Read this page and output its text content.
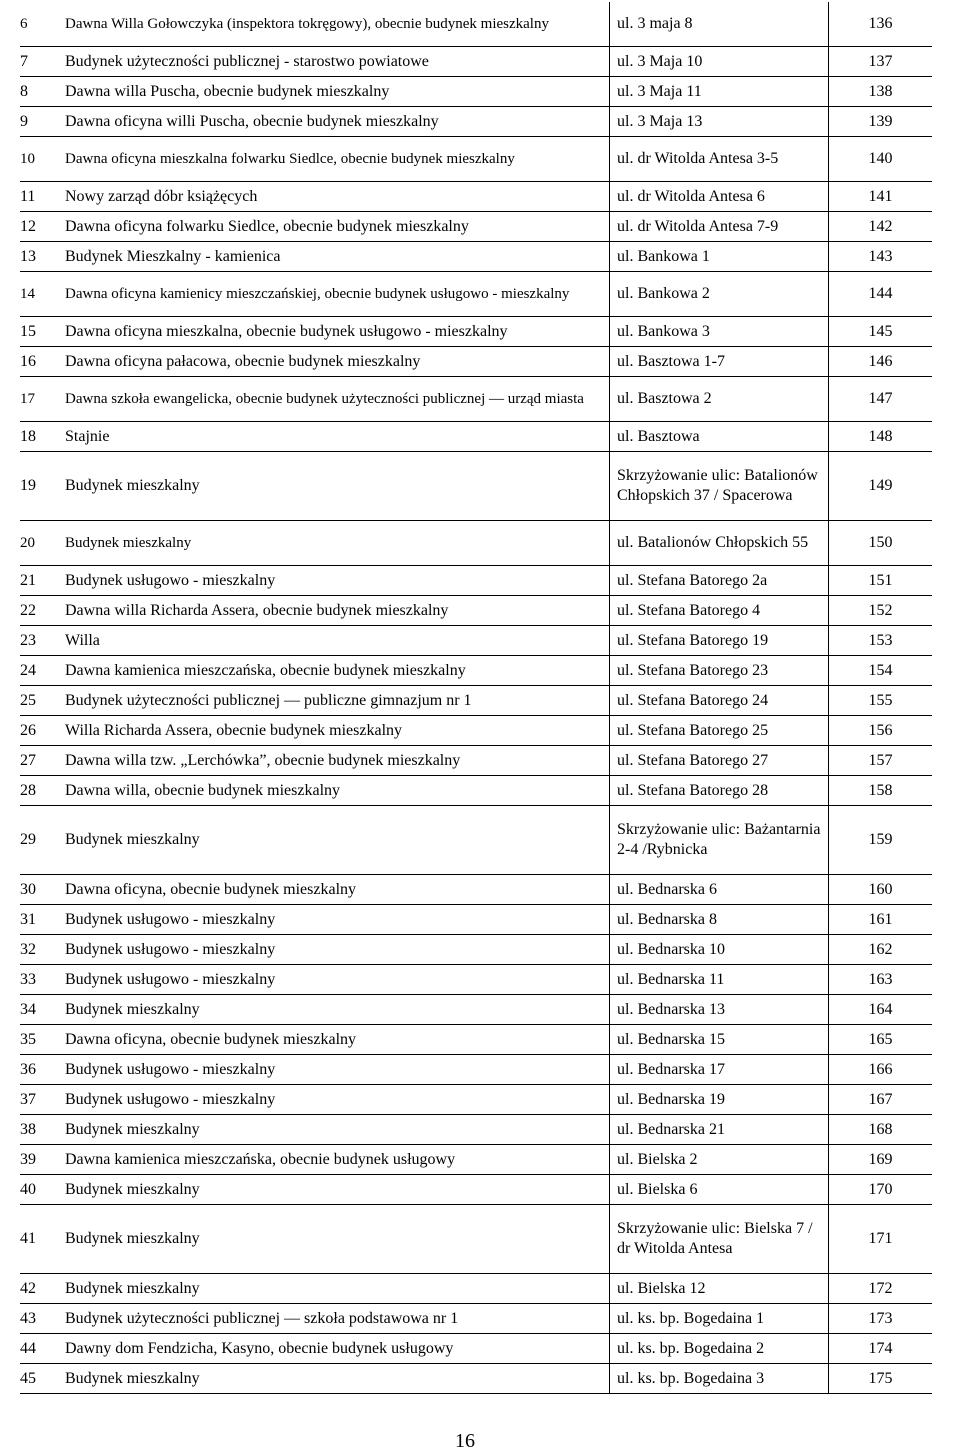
6	Dawna Willa Gołowczyka (inspektora tokręgowy), obecnie budynek mieszkalny	ul. 3 maja 8	136
7	Budynek użyteczności publicznej - starostwo powiatowe	ul. 3 Maja 10	137
8	Dawna willa Puscha, obecnie budynek mieszkalny	ul. 3 Maja 11	138
9	Dawna oficyna willi Puscha, obecnie budynek mieszkalny	ul. 3 Maja 13	139
10	Dawna oficyna mieszkalna folwarku Siedlce, obecnie budynek mieszkalny	ul. dr Witolda Antesa 3-5	140
11	Nowy zarząd dóbr książęcych	ul. dr Witolda Antesa 6	141
12	Dawna oficyna folwarku Siedlce, obecnie budynek mieszkalny	ul. dr Witolda Antesa 7-9	142
13	Budynek Mieszkalny - kamienica	ul. Bankowa 1	143
14	Dawna oficyna kamienicy mieszczańskiej, obecnie budynek usługowo - mieszkalny	ul. Bankowa 2	144
15	Dawna oficyna mieszkalna, obecnie budynek usługowo - mieszkalny	ul. Bankowa 3	145
16	Dawna oficyna pałacowa, obecnie budynek mieszkalny	ul. Basztowa 1-7	146
17	Dawna szkoła ewangelicka, obecnie budynek użyteczności publicznej — urząd miasta	ul. Basztowa 2	147
18	Stajnie	ul. Basztowa	148
19	Budynek mieszkalny	Skrzyżowanie ulic: Batalionów Chłopskich 37 / Spacerowa	149
20	Budynek mieszkalny	ul. Batalionów Chłopskich 55	150
21	Budynek usługowo - mieszkalny	ul. Stefana Batorego 2a	151
22	Dawna willa Richarda Assera, obecnie budynek mieszkalny	ul. Stefana Batorego 4	152
23	Willa	ul. Stefana Batorego 19	153
24	Dawna kamienica mieszczańska, obecnie budynek mieszkalny	ul. Stefana Batorego 23	154
25	Budynek użyteczności publicznej — publiczne gimnazjum nr 1	ul. Stefana Batorego 24	155
26	Willa Richarda Assera, obecnie budynek mieszkalny	ul. Stefana Batorego 25	156
27	Dawna willa tzw. „Lerchówka”, obecnie budynek mieszkalny	ul. Stefana Batorego 27	157
28	Dawna willa, obecnie budynek mieszkalny	ul. Stefana Batorego 28	158
29	Budynek mieszkalny	Skrzyżowanie ulic: Bażantarnia 2-4 /Rybnicka	159
30	Dawna oficyna, obecnie budynek mieszkalny	ul. Bednarska 6	160
31	Budynek usługowo - mieszkalny	ul. Bednarska 8	161
32	Budynek usługowo - mieszkalny	ul. Bednarska 10	162
33	Budynek usługowo - mieszkalny	ul. Bednarska 11	163
34	Budynek mieszkalny	ul. Bednarska 13	164
35	Dawna oficyna, obecnie budynek mieszkalny	ul. Bednarska 15	165
36	Budynek usługowo - mieszkalny	ul. Bednarska 17	166
37	Budynek usługowo - mieszkalny	ul. Bednarska 19	167
38	Budynek mieszkalny	ul. Bednarska 21	168
39	Dawna kamienica mieszczańska, obecnie budynek usługowy	ul. Bielska 2	169
40	Budynek mieszkalny	ul. Bielska 6	170
41	Budynek mieszkalny	Skrzyżowanie ulic: Bielska 7 / dr Witolda Antesa	171
42	Budynek mieszkalny	ul. Bielska 12	172
43	Budynek użyteczności publicznej — szkoła podstawowa nr 1	ul. ks. bp. Bogedaina 1	173
44	Dawny dom Fendzicha, Kasyno, obecnie budynek usługowy	ul. ks. bp. Bogedaina 2	174
45	Budynek mieszkalny	ul. ks. bp. Bogedaina 3	175
16
